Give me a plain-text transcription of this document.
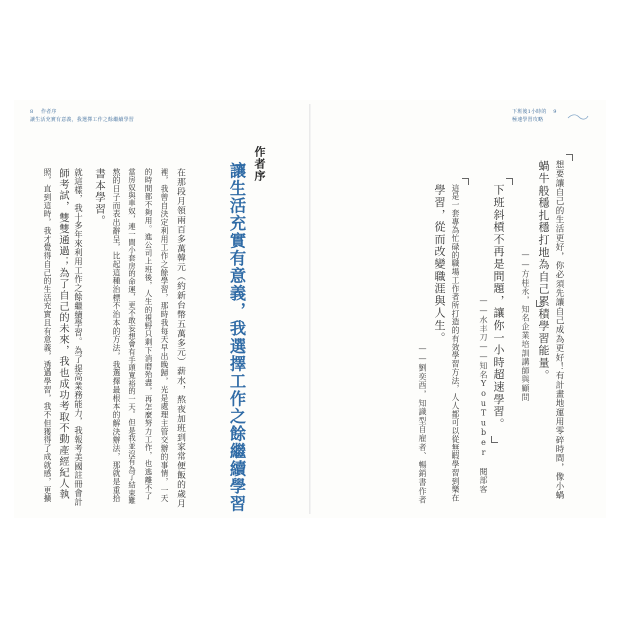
8 作者序
讓生活充實有意義，我選擇工作之餘繼續學習
下班後1小時的 9
極速學習攻略
想要讓自己的生活更好，你必須先讓自己成為更好！有計畫地運用零碎時間，像小蝸
蝸牛般穩扎穩打地為自己累積學習能量。
——方桂永，知名企業培訓講師與顧問
下班斜槓不再是問題，讓你一小時超速學習。
——水丰刀——知名YouTuber 閱部客
這是一套專為忙碌的職場工作者所打造的有效學習方法，人人都可以從無暇學習到樂在
學習，從而改變職涯與人生。
——劉奕酉，知識型自雇者、暢銷書作者
作者序
讓生活充實有意義，我選擇工作之餘繼續學習
在那段月領兩百多萬韓元（約新台幣五萬多元）薪水，熬夜加班到家常便飯的歲月
裡，我曾自決定利用工作之餘學習，那時我每天早出晚歸，光是處理主管交辦的事情，一天
的時間都不夠用。進公司上班後，人生的視野只剩下消磨殆盡，再怎麼努力工作，也逃離不了
當房奴與車奴，連一間小套房的命運，更不敢妄想會有手頭寬裕的一天。但是我並沒有為了結束難
熬的日子而表出辭呈，比起這種治標不治本的方法，我選擇最根本的解決辦法，那就是重拾
書本學習。
就這樣，我十多年來利用工作之餘繼續學習。為了提高業務能力，我報考美國註冊會計
師考試，雙雙通過；為了自己的未來，我也成功考取不動產經紀人執
照，直到這時，我才覺得自己的生活充實且有意義，透過學習，我不但獲得了成就感，更擴
